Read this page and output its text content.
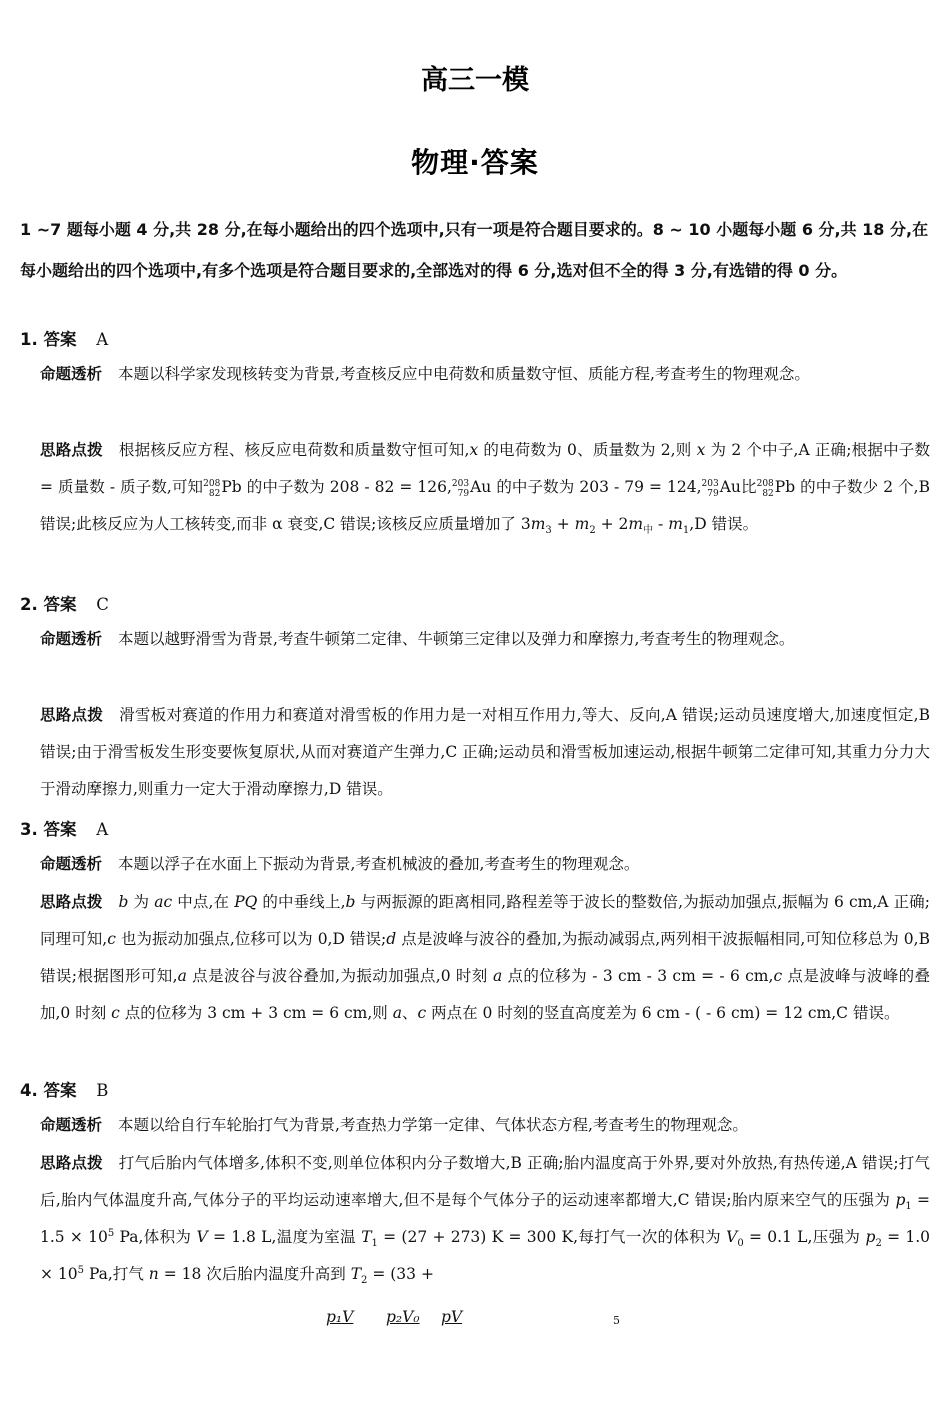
高三一模
物理·答案
1 ~7 题每小题 4 分,共 28 分,在每小题给出的四个选项中,只有一项是符合题目要求的。8 ~ 10 小题每小题 6 分,共 18 分,在每小题给出的四个选项中,有多个选项是符合题目要求的,全部选对的得 6 分,选对但不全的得 3 分,有选错的得 0 分。
1. 答案 A
命题透析 本题以科学家发现核转变为背景,考查核反应中电荷数和质量数守恒、质能方程,考查考生的物理观念。
思路点拨 根据核反应方程、核反应电荷数和质量数守恒可知,x 的电荷数为 0、质量数为 2,则 x 为 2 个中子,A 正确;根据中子数 = 质量数 - 质子数,可知 208
82 Pb 的中子数为 208 - 82 = 126, 203
79 Au 的中子数为 203 - 79 = 124, 203
79 Au比 208
82 Pb 的中子数少 2 个,B 错误;此核反应为人工核转变,而非 α 衰变,C 错误;该核反应质量增加了 $3m_3 + m_2 + 2m_中 - m_1,D$ 错误。
2. 答案 C
命题透析 本题以越野滑雪为背景,考查牛顿第二定律、牛顿第三定律以及弹力和摩擦力,考查考生的物理观念。
思路点拨 滑雪板对赛道的作用力和赛道对滑雪板的作用力是一对相互作用力,等大、反向,A 错误;运动员速度增大,加速度恒定,B 错误;由于滑雪板发生形变要恢复原状,从而对赛道产生弹力,C 正确;运动员和滑雪板加速运动,根据牛顿第二定律可知,其重力分力大于滑动摩擦力,则重力一定大于滑动摩擦力,D 错误。
3. 答案 A
命题透析 本题以浮子在水面上下振动为背景,考查机械波的叠加,考查考生的物理观念。
思路点拨 b 为 ac 中点,在 PQ 的中垂线上,b 与两振源的距离相同,路程差等于波长的整数倍,为振动加强点,振幅为 6 cm,A 正确;同理可知,c 也为振动加强点,位移可以为 0,D 错误;d 点是波峰与波谷的叠加,为振动减弱点,两列相干波振幅相同,可知位移总为 0,B 错误;根据图形可知,a 点是波谷与波谷叠加,为振动加强点,0 时刻 a 点的位移为 - 3 cm - 3 cm = - 6 cm,c 点是波峰与波峰的叠加,0 时刻 c 点的位移为 3 cm + 3 cm = 6 cm,则 a、c 两点在 0 时刻的竖直高度差为 6 cm - ( - 6 cm) = 12 cm,C 错误。
4. 答案 B
命题透析 本题以给自行车轮胎打气为背景,考查热力学第一定律、气体状态方程,考查考生的物理观念。
思路点拨 打气后胎内气体增多,体积不变,则单位体积内分子数增大,B 正确;胎内温度高于外界,要对外放热,有热传递,A 错误;打气后,胎内气体温度升高,气体分子的平均运动速率增大,但不是每个气体分子的运动速率都增大,C 错误;胎内原来空气的压强为 $p_1 = 1.5 \times 10^5$ Pa,体积为 V = 1.8 L,温度为室温 $T_1 = (27 + 273) K = 300$ K,每打气一次的体积为 $V_0 = 0.1$ L,压强为 $p_2 = 1.0 \times 10^5$ Pa,打气 n = 18 次后胎内温度升高到 $T_2 = (33$ +
p₁V p₂V₀ pV	5
